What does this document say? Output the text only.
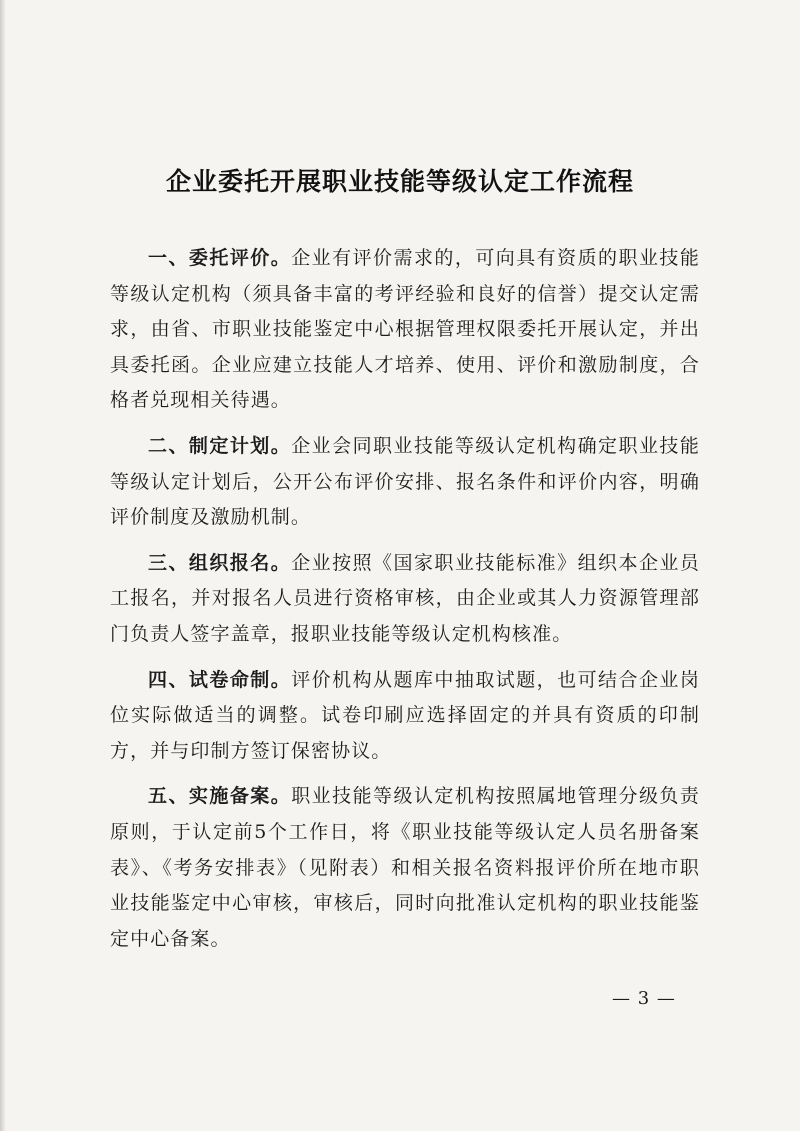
企业委托开展职业技能等级认定工作流程

一、委托评价。企业有评价需求的，可向具有资质的职业技能等级认定机构（须具备丰富的考评经验和良好的信誉）提交认定需求，由省、市职业技能鉴定中心根据管理权限委托开展认定，并出具委托函。企业应建立技能人才培养、使用、评价和激励制度，合格者兑现相关待遇。

二、制定计划。企业会同职业技能等级认定机构确定职业技能等级认定计划后，公开公布评价安排、报名条件和评价内容，明确评价制度及激励机制。

三、组织报名。企业按照《国家职业技能标准》组织本企业员工报名，并对报名人员进行资格审核，由企业或其人力资源管理部门负责人签字盖章，报职业技能等级认定机构核准。

四、试卷命制。评价机构从题库中抽取试题，也可结合企业岗位实际做适当的调整。试卷印刷应选择固定的并具有资质的印制方，并与印制方签订保密协议。

五、实施备案。职业技能等级认定机构按照属地管理分级负责原则，于认定前5个工作日，将《职业技能等级认定人员名册备案表》、《考务安排表》（见附表）和相关报名资料报评价所在地市职业技能鉴定中心审核，审核后，同时向批准认定机构的职业技能鉴定中心备案。

— 3 —
